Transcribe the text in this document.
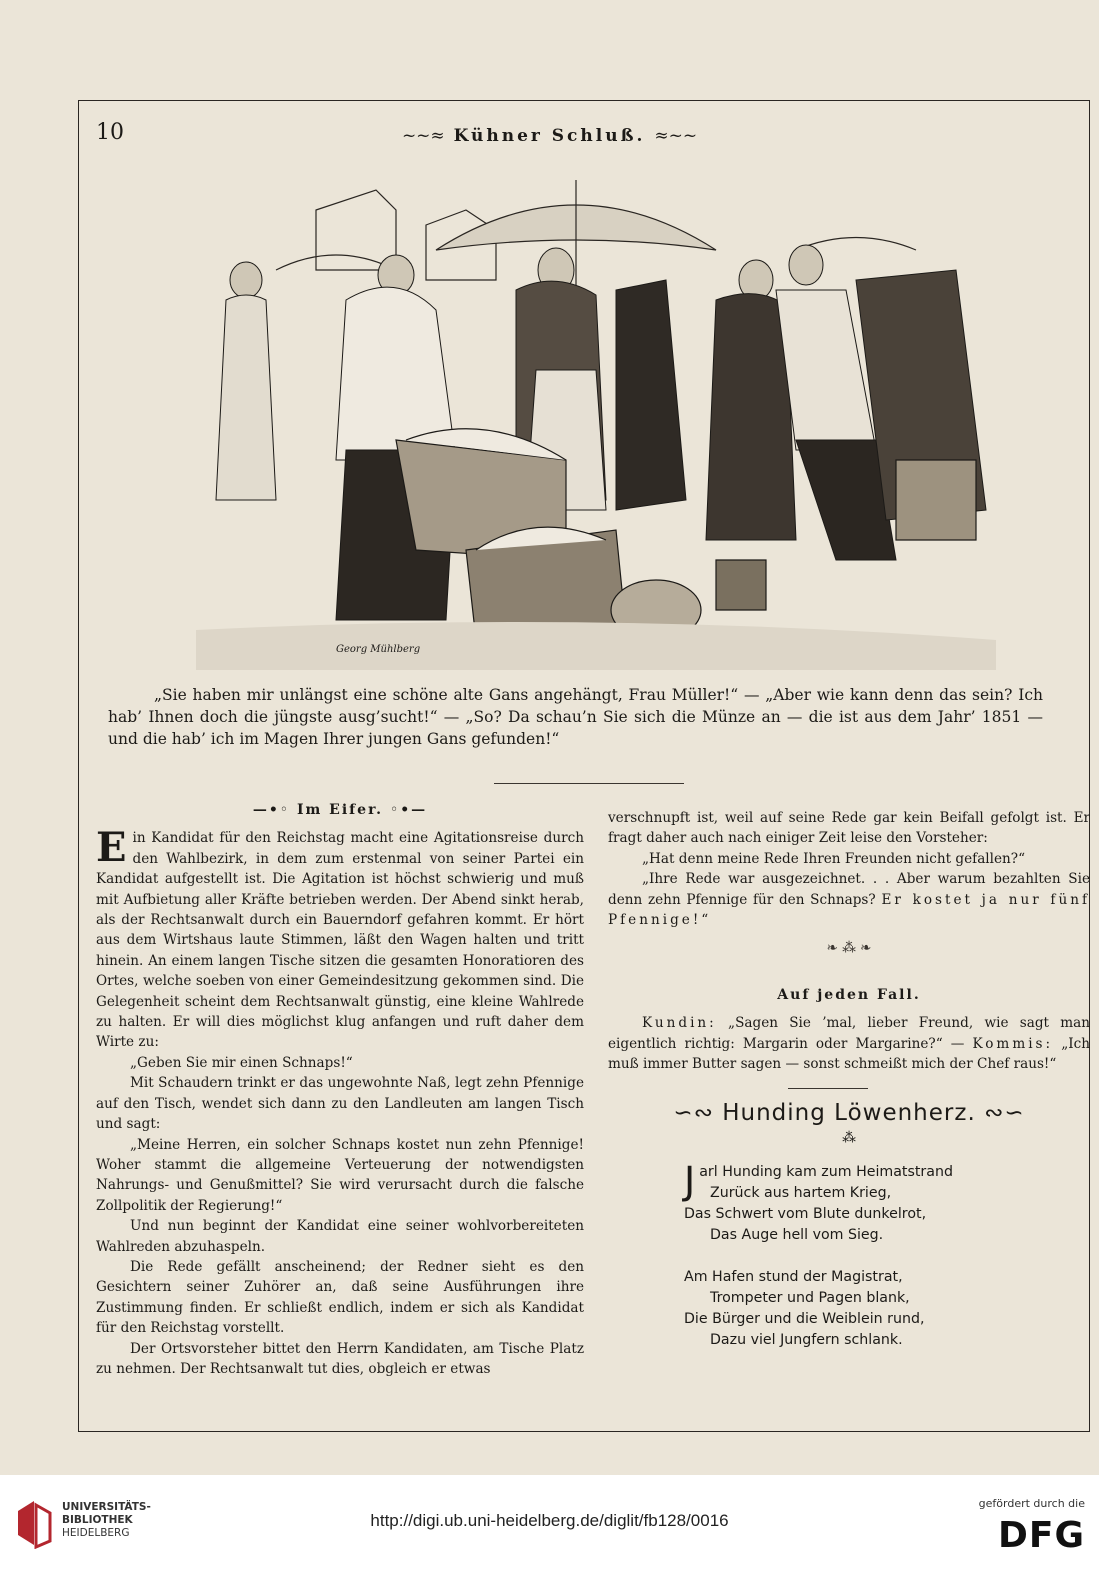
10	~~≈ Kühner Schluß. ≈~~
Georg Mühlberg

„Sie haben mir unlängst eine schöne alte Gans angehängt, Frau Müller!“ — „Aber wie kann denn das sein? Ich hab’ Ihnen doch die jüngste ausg’sucht!“ — „So? Da schau’n Sie sich die Münze an — die ist aus dem Jahr’ 1851 — und die hab’ ich im Magen Ihrer jungen Gans gefunden!“

—•◦ Im Eifer. ◦•—

Ein Kandidat für den Reichstag macht eine Agitationsreise durch den Wahlbezirk, in dem zum erstenmal von seiner Partei ein Kandidat aufgestellt ist. Die Agitation ist höchst schwierig und muß mit Aufbietung aller Kräfte betrieben werden. Der Abend sinkt herab, als der Rechtsanwalt durch ein Bauerndorf gefahren kommt. Er hört aus dem Wirtshaus laute Stimmen, läßt den Wagen halten und tritt hinein. An einem langen Tische sitzen die gesamten Honoratioren des Ortes, welche soeben von einer Gemeindesitzung gekommen sind. Die Gelegenheit scheint dem Rechtsanwalt günstig, eine kleine Wahlrede zu halten. Er will dies möglichst klug anfangen und ruft daher dem Wirte zu:

„Geben Sie mir einen Schnaps!“

Mit Schaudern trinkt er das ungewohnte Naß, legt zehn Pfennige auf den Tisch, wendet sich dann zu den Landleuten am langen Tisch und sagt:

„Meine Herren, ein solcher Schnaps kostet nun zehn Pfennige! Woher stammt die allgemeine Verteuerung der notwendigsten Nahrungs- und Genußmittel? Sie wird verursacht durch die falsche Zollpolitik der Regierung!“

Und nun beginnt der Kandidat eine seiner wohlvorbereiteten Wahlreden abzuhaspeln.

Die Rede gefällt anscheinend; der Redner sieht es den Gesichtern seiner Zuhörer an, daß seine Ausführungen ihre Zustimmung finden. Er schließt endlich, indem er sich als Kandidat für den Reichstag vorstellt.

Der Ortsvorsteher bittet den Herrn Kandidaten, am Tische Platz zu nehmen. Der Rechtsanwalt tut dies, obgleich er etwas

verschnupft ist, weil auf seine Rede gar kein Beifall gefolgt ist. Er fragt daher auch nach einiger Zeit leise den Vorsteher:

„Hat denn meine Rede Ihren Freunden nicht gefallen?“

„Ihre Rede war ausgezeichnet. . . Aber warum bezahlten Sie denn zehn Pfennige für den Schnaps? Er kostet ja nur fünf Pfennige!“

❧ ⁂ ❧
Auf jeden Fall.

Kundin: „Sagen Sie ’mal, lieber Freund, wie sagt man eigentlich richtig: Margarin oder Margarine?“ — Kommis: „Ich muß immer Butter sagen — sonst schmeißt mich der Chef raus!“

∽∾ Hunding Löwenherz. ∾∽
⁂
J arl Hunding kam zum Heimatstrand
Zurück aus hartem Krieg,
Das Schwert vom Blute dunkelrot,
Das Auge hell vom Sieg.
Am Hafen stund der Magistrat,
Trompeter und Pagen blank,
Die Bürger und die Weiblein rund,
Dazu viel Jungfern schlank.
UNIVERSITÄTS-
BIBLIOTHEK
HEIDELBERG
http://digi.ub.uni-heidelberg.de/diglit/fb128/0016
gefördert durch die
DFG
